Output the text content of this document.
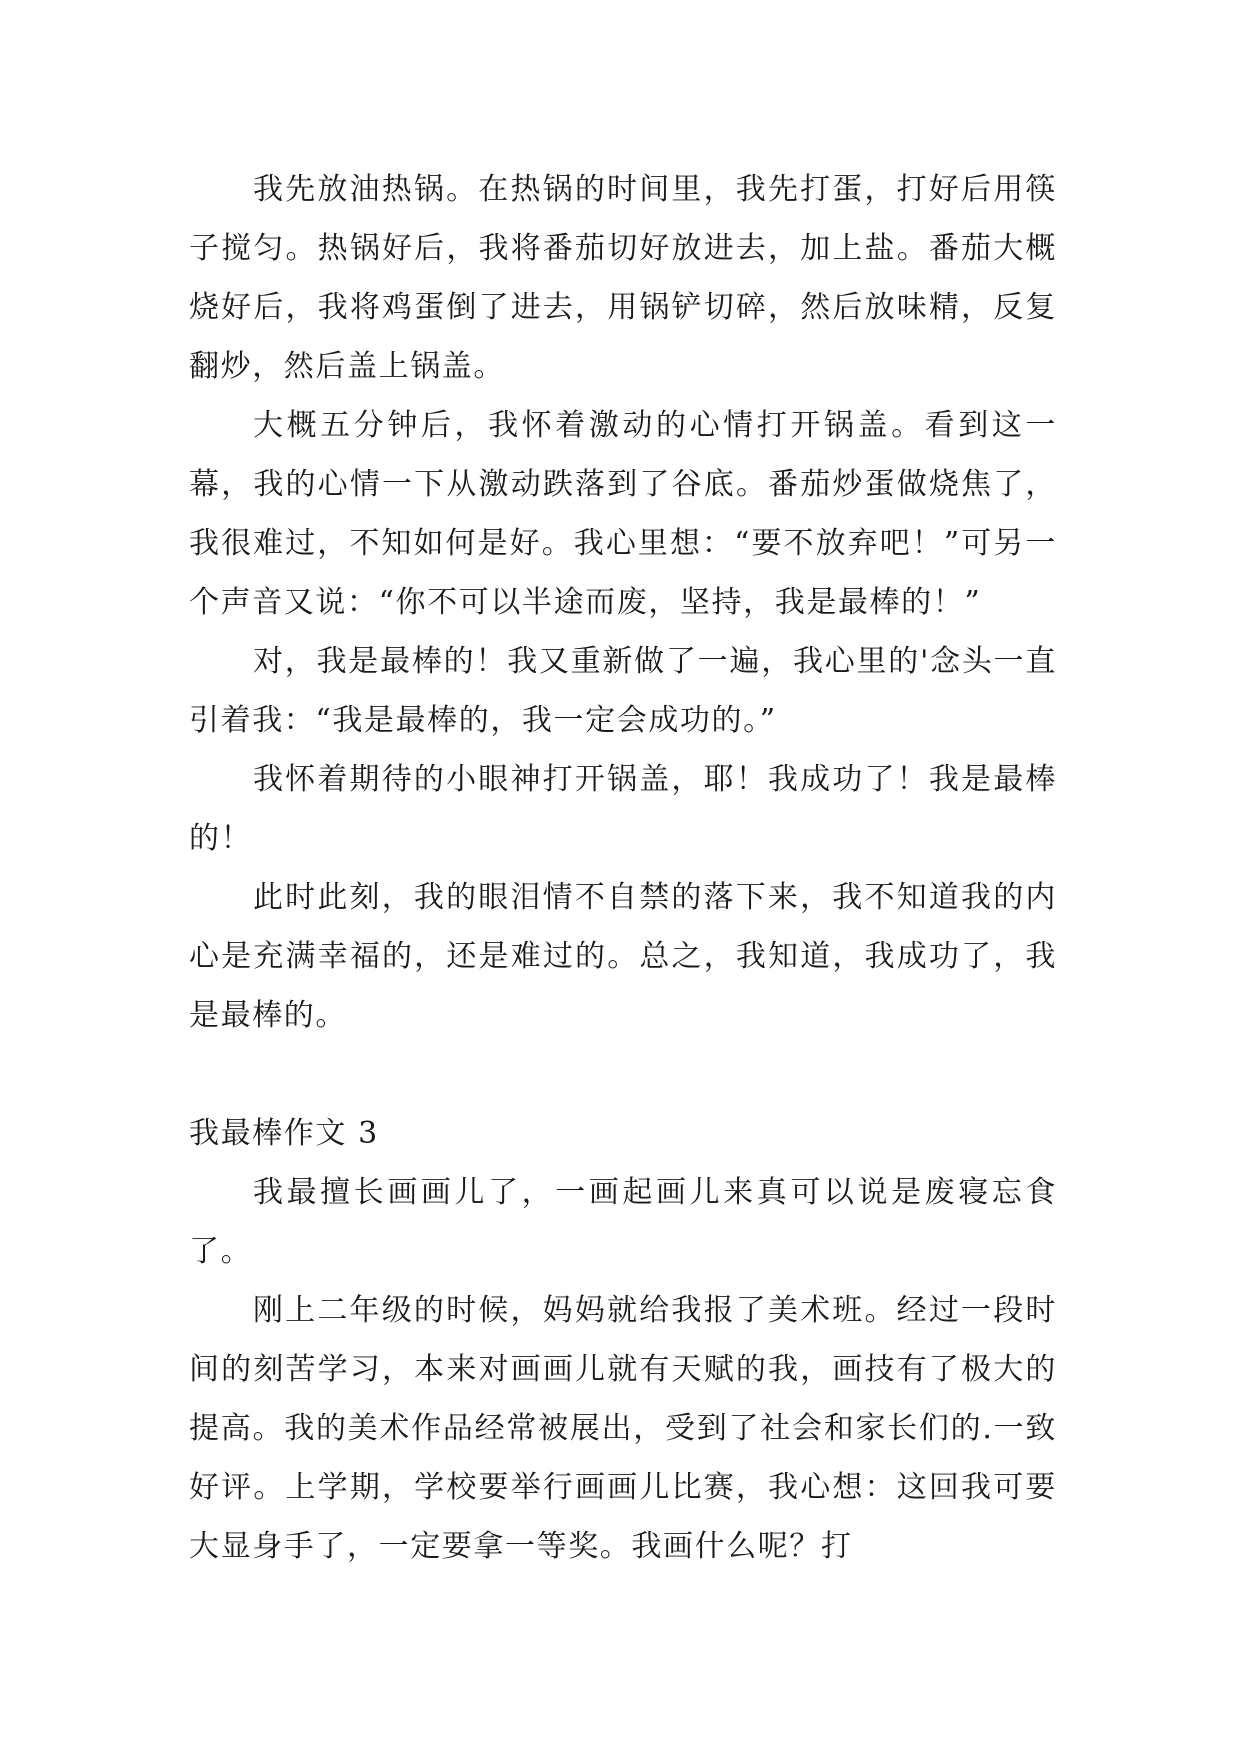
我先放油热锅。在热锅的时间里，我先打蛋，打好后用筷子搅匀。热锅好后，我将番茄切好放进去，加上盐。番茄大概烧好后，我将鸡蛋倒了进去，用锅铲切碎，然后放味精，反复翻炒，然后盖上锅盖。

大概五分钟后，我怀着激动的心情打开锅盖。看到这一幕，我的心情一下从激动跌落到了谷底。番茄炒蛋做烧焦了，我很难过，不知如何是好。我心里想：“要不放弃吧！”可另一个声音又说：“你不可以半途而废，坚持，我是最棒的！”

对，我是最棒的！我又重新做了一遍，我心里的'念头一直引着我：“我是最棒的，我一定会成功的。”

我怀着期待的小眼神打开锅盖，耶！我成功了！我是最棒的！

此时此刻，我的眼泪情不自禁的落下来，我不知道我的内心是充满幸福的，还是难过的。总之，我知道，我成功了，我是最棒的。

我最棒作文 3

我最擅长画画儿了，一画起画儿来真可以说是废寝忘食了。

刚上二年级的时候，妈妈就给我报了美术班。经过一段时间的刻苦学习，本来对画画儿就有天赋的我，画技有了极大的提高。我的美术作品经常被展出，受到了社会和家长们的.一致好评。上学期，学校要举行画画儿比赛，我心想：这回我可要大显身手了，一定要拿一等奖。我画什么呢？打
